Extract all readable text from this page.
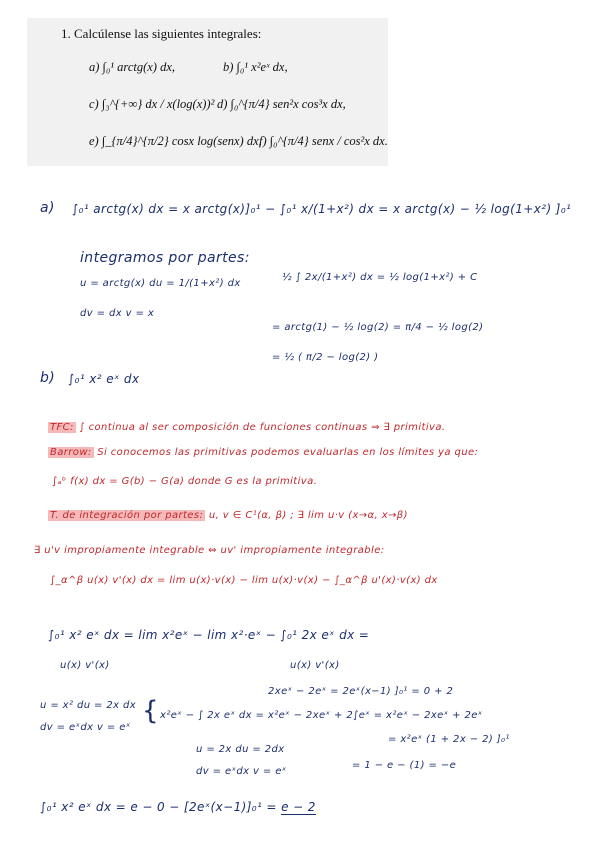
1. Calcúlense las siguientes integrales:
a) ∫₀¹ arctg(x) dx,	b) ∫₀¹ x²eˣ dx,
c) ∫₃^{+∞} dx / x(log(x))² d) ∫₀^{π/4} sen²x cos³x dx,
e) ∫_{π/4}^{π/2} cosx log(senx) dx,
f) ∫₀^{π/4} senx / cos²x dx.
a) ∫₀¹ arctg(x) dx = x arctg(x)]₀¹ − ∫₀¹ x/(1+x²) dx = x arctg(x) − ½ log(1+x²) ]₀¹
integramos por partes:
u = arctg(x) du = 1/(1+x²) dx
dv = dx v = x
½ ∫ 2x/(1+x²) dx = ½ log(1+x²) + C
= arctg(1) − ½ log(2) = π/4 − ½ log(2)
= ½ ( π/2 − log(2) )
b) ∫₀¹ x² eˣ dx
TFC: ∫ continua al ser composición de funciones continuas ⇒ ∃ primitiva.
Barrow: Si conocemos las primitivas podemos evaluarlas en los límites ya que:
∫ₐᵇ f(x) dx = G(b) − G(a) donde G es la primitiva.
T. de integración por partes: u, v ∈ C¹(α, β) ; ∃ lim u·v (x→α, x→β)
∃ u'v impropiamente integrable ⇔ uv' impropiamente integrable:
∫_α^β u(x) v'(x) dx = lim u(x)·v(x) − lim u(x)·v(x) − ∫_α^β u'(x)·v(x) dx
∫₀¹ x² eˣ dx = lim x²eˣ − lim x²·eˣ − ∫₀¹ 2x eˣ dx =
u(x) v'(x)	u(x) v'(x)
2xeˣ − 2eˣ = 2eˣ(x−1) ]₀¹ = 0 + 2
u = x² du = 2x dx
dv = eˣdx v = eˣ
{ x²eˣ − ∫ 2x eˣ dx = x²eˣ − 2xeˣ + 2∫eˣ = x²eˣ − 2xeˣ + 2eˣ
= x²eˣ (1 + 2x − 2) ]₀¹
u = 2x du = 2dx
dv = eˣdx v = eˣ
= 1 − e − (1) = −e
∫₀¹ x² eˣ dx = e − 0 − [2eˣ(x−1)]₀¹ = e − 2
